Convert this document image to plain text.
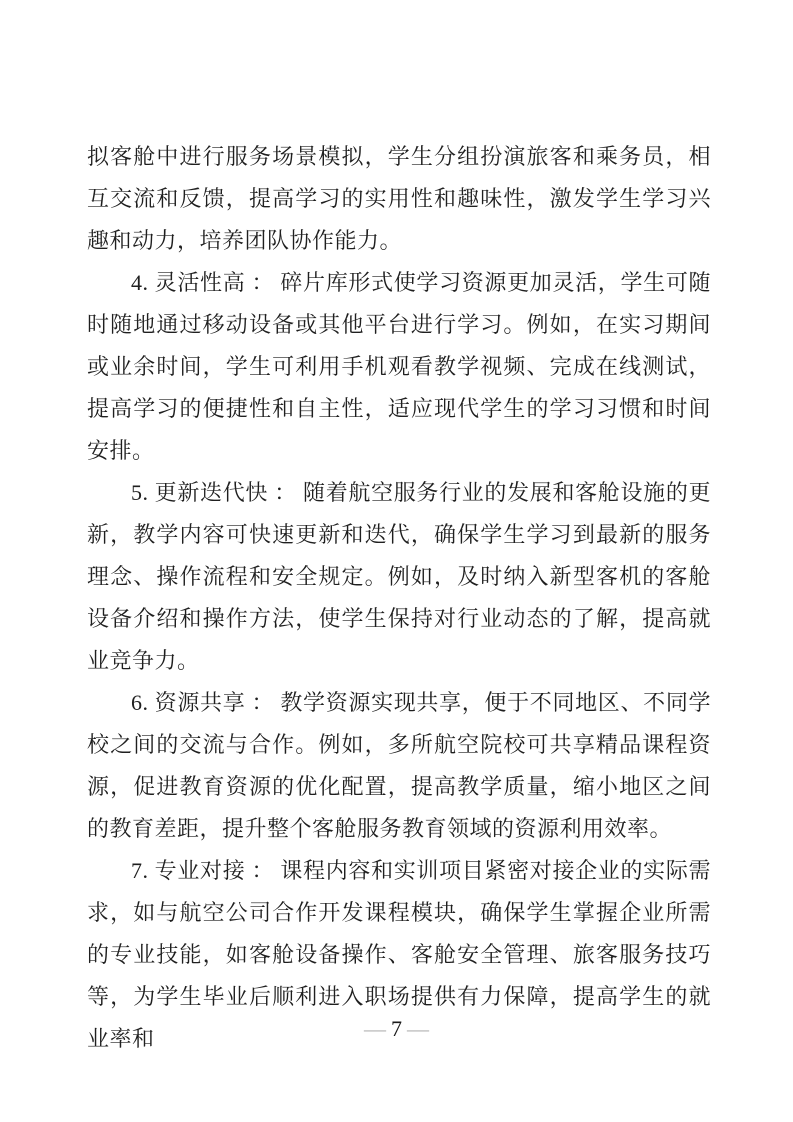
拟客舱中进行服务场景模拟，学生分组扮演旅客和乘务员，相互交流和反馈，提高学习的实用性和趣味性，激发学生学习兴趣和动力，培养团队协作能力。

4. 灵活性高 ： 碎片库形式使学习资源更加灵活，学生可随时随地通过移动设备或其他平台进行学习。例如，在实习期间或业余时间，学生可利用手机观看教学视频、完成在线测试，提高学习的便捷性和自主性，适应现代学生的学习习惯和时间安排。

5. 更新迭代快 ： 随着航空服务行业的发展和客舱设施的更新，教学内容可快速更新和迭代，确保学生学习到最新的服务理念、操作流程和安全规定。例如，及时纳入新型客机的客舱设备介绍和操作方法，使学生保持对行业动态的了解，提高就业竞争力。

6. 资源共享 ： 教学资源实现共享，便于不同地区、不同学校之间的交流与合作。例如，多所航空院校可共享精品课程资源，促进教育资源的优化配置，提高教学质量，缩小地区之间的教育差距，提升整个客舱服务教育领域的资源利用效率。

7. 专业对接 ： 课程内容和实训项目紧密对接企业的实际需求，如与航空公司合作开发课程模块，确保学生掌握企业所需的专业技能，如客舱设备操作、客舱安全管理、旅客服务技巧等，为学生毕业后顺利进入职场提供有力保障，提高学生的就业率和	— 7 —
